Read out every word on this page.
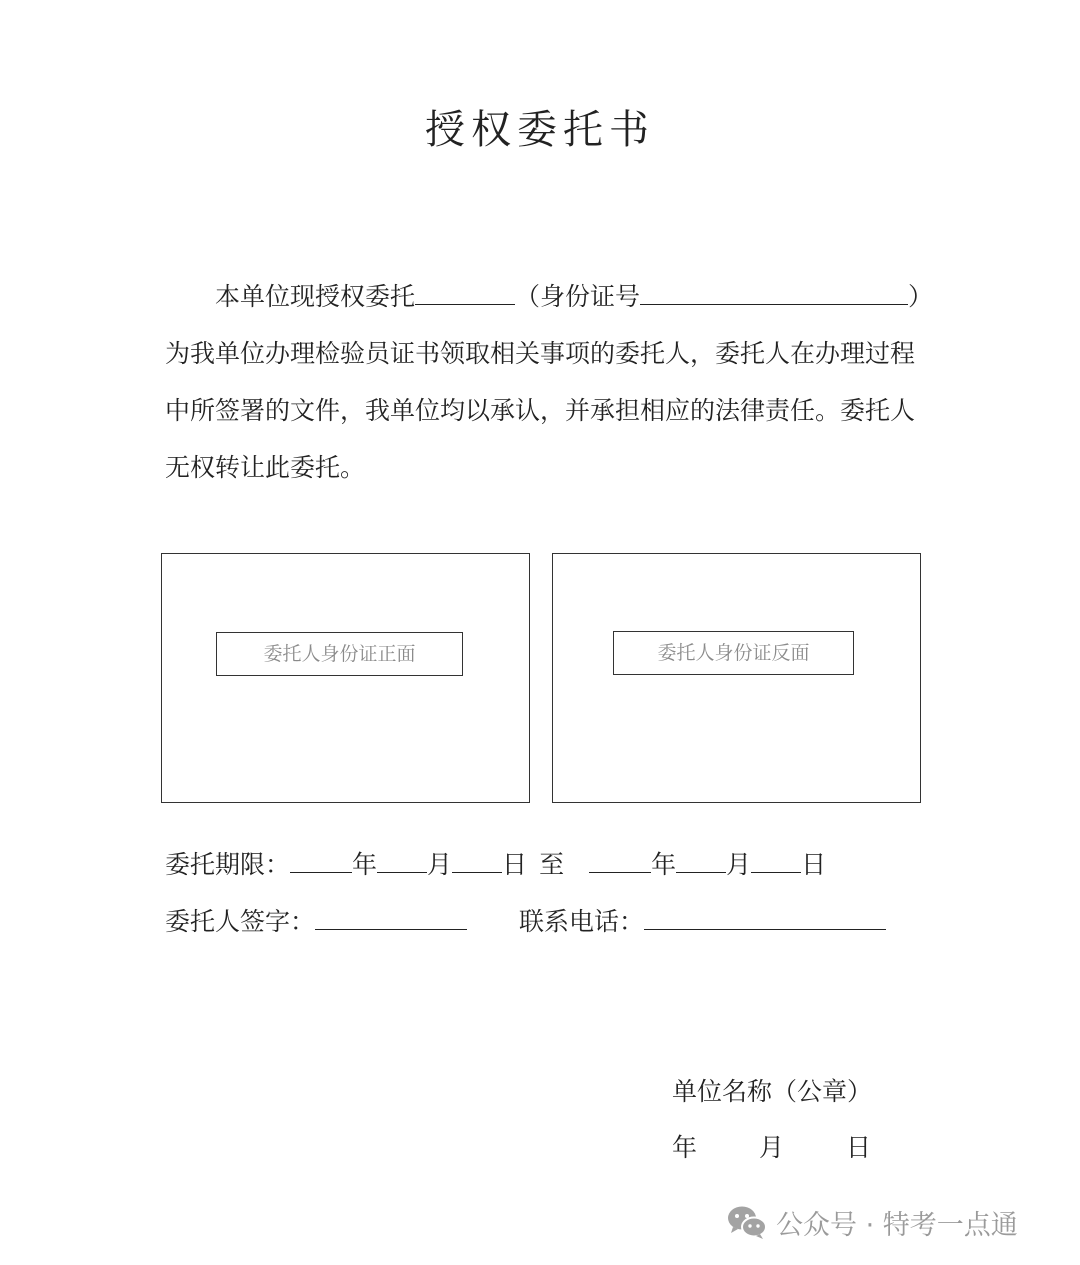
授权委托书
本单位现授权委托	（身份证号	）
为我单位办理检验员证书领取相关事项的委托人，委托人在办理过程
中所签署的文件，我单位均以承认，并承担相应的法律责任。委托人
无权转让此委托。
委托人身份证正面	委托人身份证反面
委托期限： 年 月 日 至	年 月 日
委托人签字：	联系电话：
单位名称（公章）
年 月 日
公众号 · 特考一点通
